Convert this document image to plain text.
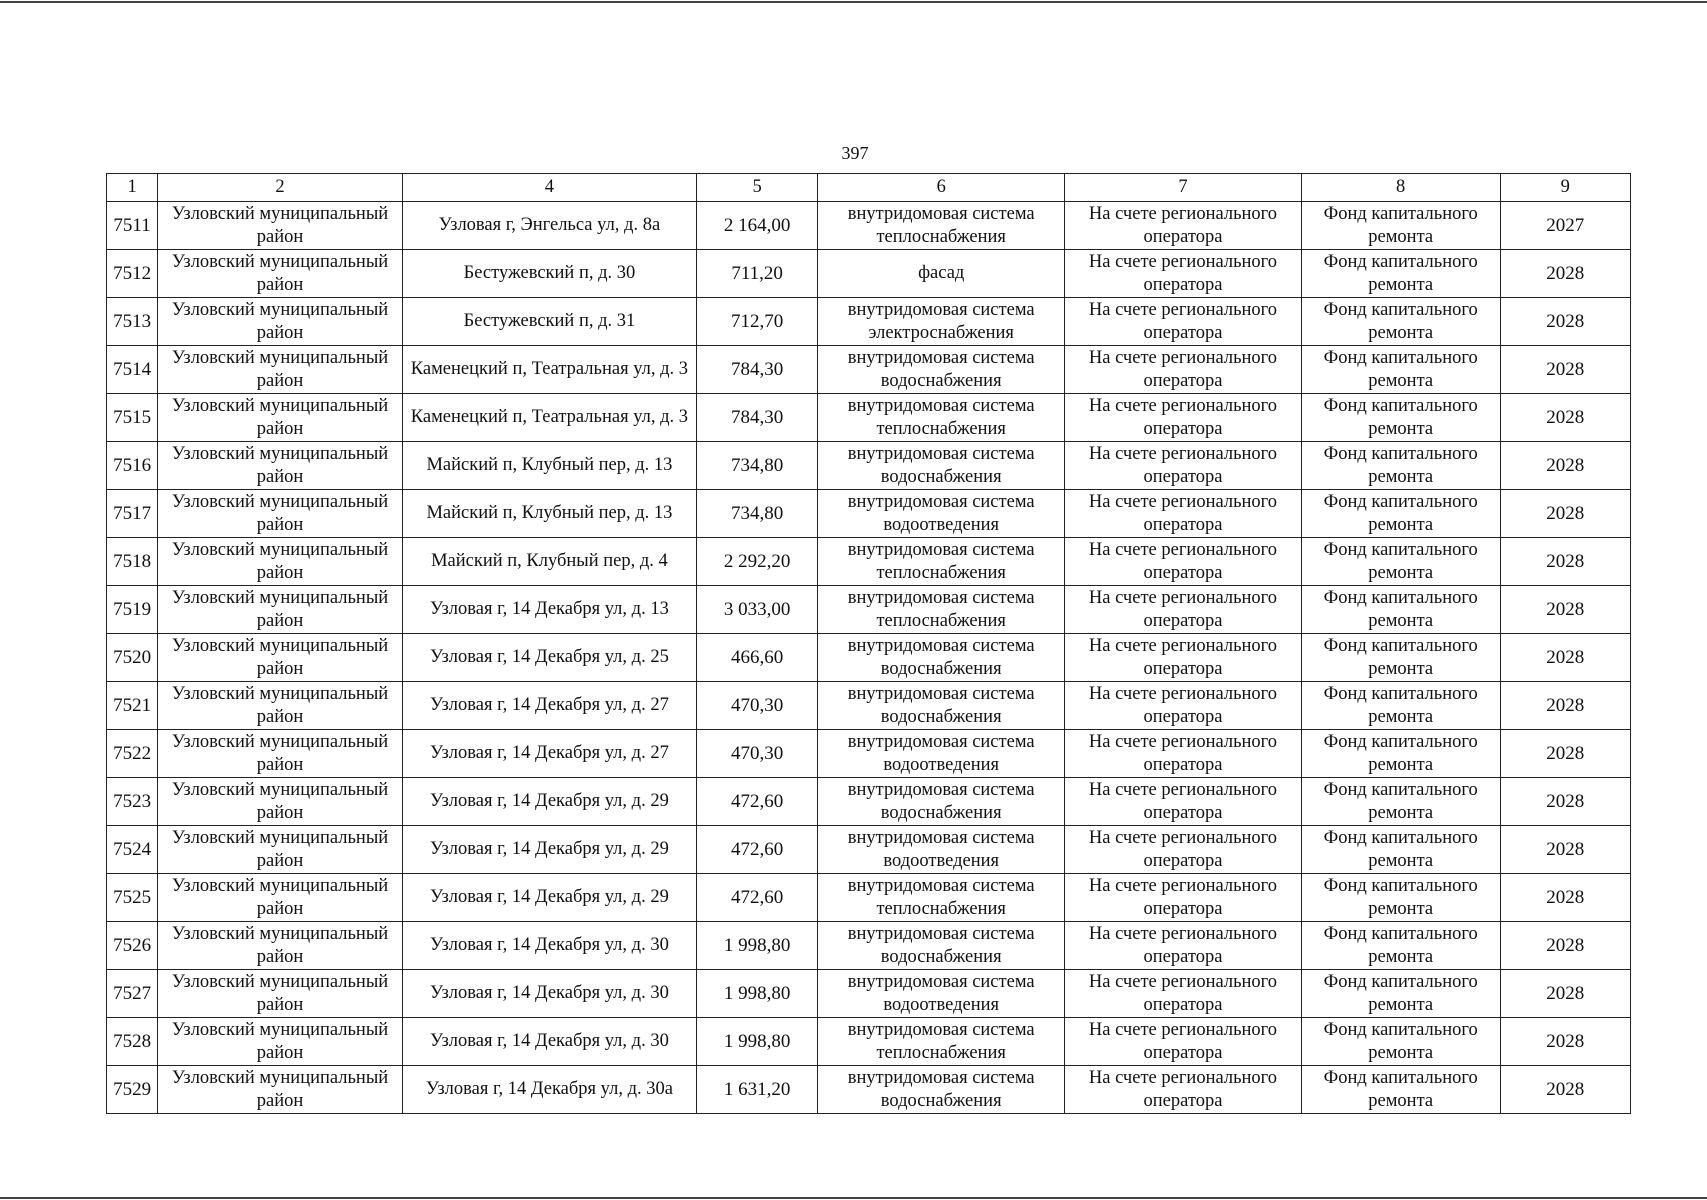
397
1	2	4	5	6	7	8	9
7511	Узловский муниципальный район	Узловая г, Энгельса ул, д. 8а	2 164,00	внутридомовая система теплоснабжения	На счете регионального оператора	Фонд капитального ремонта	2027
7512	Узловский муниципальный район	Бестужевский п, д. 30	711,20	фасад	На счете регионального оператора	Фонд капитального ремонта	2028
7513	Узловский муниципальный район	Бестужевский п, д. 31	712,70	внутридомовая система электроснабжения	На счете регионального оператора	Фонд капитального ремонта	2028
7514	Узловский муниципальный район	Каменецкий п, Театральная ул, д. 3	784,30	внутридомовая система водоснабжения	На счете регионального оператора	Фонд капитального ремонта	2028
7515	Узловский муниципальный район	Каменецкий п, Театральная ул, д. 3	784,30	внутридомовая система теплоснабжения	На счете регионального оператора	Фонд капитального ремонта	2028
7516	Узловский муниципальный район	Майский п, Клубный пер, д. 13	734,80	внутридомовая система водоснабжения	На счете регионального оператора	Фонд капитального ремонта	2028
7517	Узловский муниципальный район	Майский п, Клубный пер, д. 13	734,80	внутридомовая система водоотведения	На счете регионального оператора	Фонд капитального ремонта	2028
7518	Узловский муниципальный район	Майский п, Клубный пер, д. 4	2 292,20	внутридомовая система теплоснабжения	На счете регионального оператора	Фонд капитального ремонта	2028
7519	Узловский муниципальный район	Узловая г, 14 Декабря ул, д. 13	3 033,00	внутридомовая система теплоснабжения	На счете регионального оператора	Фонд капитального ремонта	2028
7520	Узловский муниципальный район	Узловая г, 14 Декабря ул, д. 25	466,60	внутридомовая система водоснабжения	На счете регионального оператора	Фонд капитального ремонта	2028
7521	Узловский муниципальный район	Узловая г, 14 Декабря ул, д. 27	470,30	внутридомовая система водоснабжения	На счете регионального оператора	Фонд капитального ремонта	2028
7522	Узловский муниципальный район	Узловая г, 14 Декабря ул, д. 27	470,30	внутридомовая система водоотведения	На счете регионального оператора	Фонд капитального ремонта	2028
7523	Узловский муниципальный район	Узловая г, 14 Декабря ул, д. 29	472,60	внутридомовая система водоснабжения	На счете регионального оператора	Фонд капитального ремонта	2028
7524	Узловский муниципальный район	Узловая г, 14 Декабря ул, д. 29	472,60	внутридомовая система водоотведения	На счете регионального оператора	Фонд капитального ремонта	2028
7525	Узловский муниципальный район	Узловая г, 14 Декабря ул, д. 29	472,60	внутридомовая система теплоснабжения	На счете регионального оператора	Фонд капитального ремонта	2028
7526	Узловский муниципальный район	Узловая г, 14 Декабря ул, д. 30	1 998,80	внутридомовая система водоснабжения	На счете регионального оператора	Фонд капитального ремонта	2028
7527	Узловский муниципальный район	Узловая г, 14 Декабря ул, д. 30	1 998,80	внутридомовая система водоотведения	На счете регионального оператора	Фонд капитального ремонта	2028
7528	Узловский муниципальный район	Узловая г, 14 Декабря ул, д. 30	1 998,80	внутридомовая система теплоснабжения	На счете регионального оператора	Фонд капитального ремонта	2028
7529	Узловский муниципальный район	Узловая г, 14 Декабря ул, д. 30а	1 631,20	внутридомовая система водоснабжения	На счете регионального оператора	Фонд капитального ремонта	2028
